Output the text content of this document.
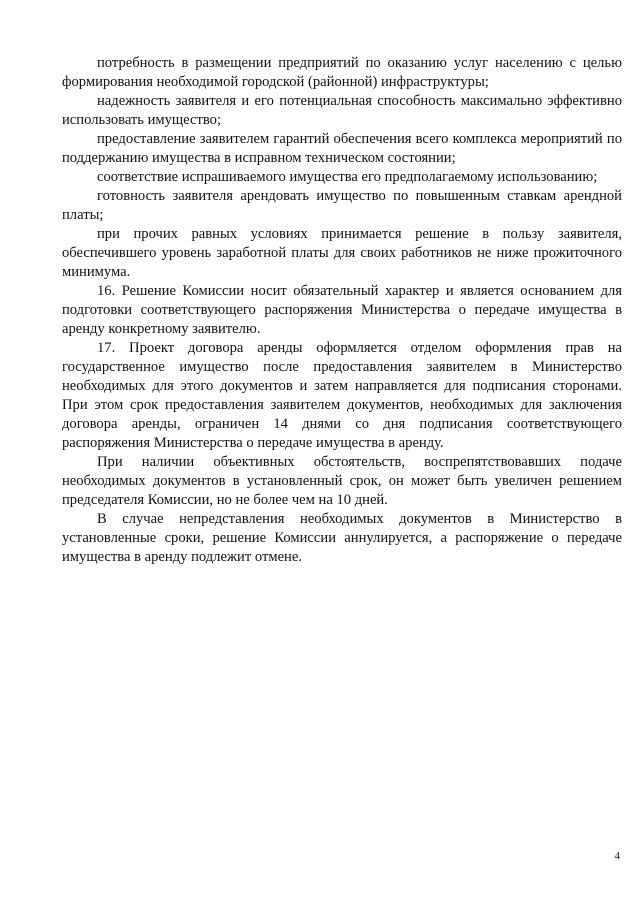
потребность в размещении предприятий по оказанию услуг населению с целью формирования необходимой городской (районной) инфраструктуры;

надежность заявителя и его потенциальная способность максимально эффективно использовать имущество;

предоставление заявителем гарантий обеспечения всего комплекса мероприятий по поддержанию имущества в исправном техническом состоянии;

соответствие испрашиваемого имущества его предполагаемому использованию;

готовность заявителя арендовать имущество по повышенным ставкам арендной платы;

при прочих равных условиях принимается решение в пользу заявителя, обеспечившего уровень заработной платы для своих работников не ниже прожиточного минимума.

16. Решение Комиссии носит обязательный характер и является основанием для подготовки соответствующего распоряжения Министерства о передаче имущества в аренду конкретному заявителю.

17. Проект договора аренды оформляется отделом оформления прав на государственное имущество после предоставления заявителем в Министерство необходимых для этого документов и затем направляется для подписания сторонами. При этом срок предоставления заявителем документов, необходимых для заключения договора аренды, ограничен 14 днями со дня подписания соответствующего распоряжения Министерства о передаче имущества в аренду.

При наличии объективных обстоятельств, воспрепятствовавших подаче необходимых документов в установленный срок, он может быть увеличен решением председателя Комиссии, но не более чем на 10 дней.

В случае непредставления необходимых документов в Министерство в установленные сроки, решение Комиссии аннулируется, а распоряжение о передаче имущества в аренду подлежит отмене.

4
